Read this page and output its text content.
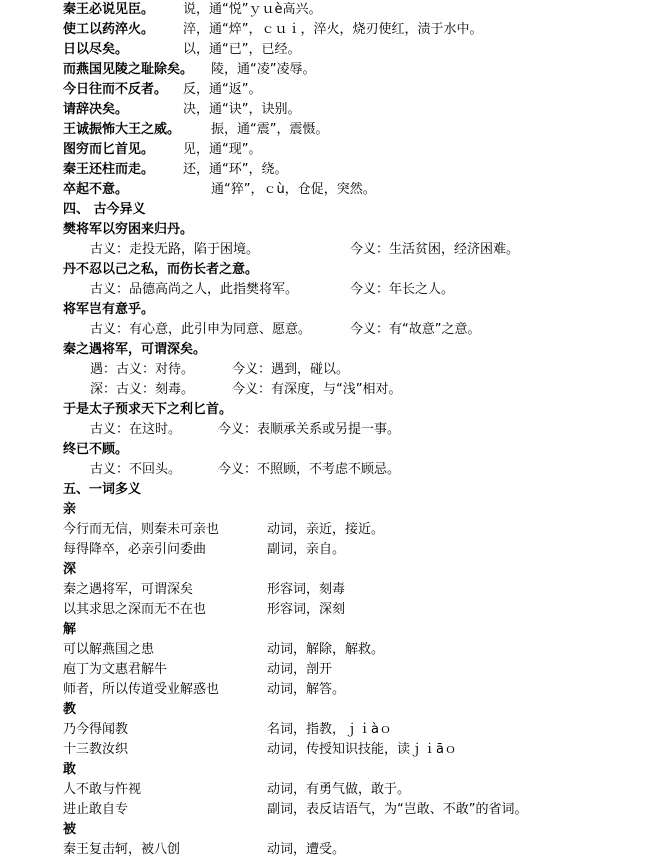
秦王必说见臣。 说，通“悦”ｙｕè高兴。
使工以药淬火。 淬，通“焠”，ｃｕｉ，淬火，烧刃使红，渍于水中。
日以尽矣。	以，通“已”，已经。
而燕国见陵之耻除矣。 陵，通“凌”凌辱。
今日往而不反者。 反，通“返”。
请辞决矣。	决，通“诀”，诀别。
王诚振怖大王之威。 振，通“震”，震慑。
图穷而匕首见。 见，通“现”。
秦王还柱而走。 还，通“环”，绕。
卒起不意。	通“猝”，ｃù，仓促，突然。
四、 古今异义
樊将军以穷困来归丹。
古义：走投无路，陷于困境。	今义：生活贫困，经济困难。
丹不忍以己之私，而伤长者之意。
古义：品德高尚之人，此指樊将军。	今义：年长之人。
将军岂有意乎。
古义：有心意，此引申为同意、愿意。	今义：有“故意”之意。
秦之遇将军，可谓深矣。
遇：古义：对待。	今义：遇到，碰以。
深：古义：刻毒。	今义：有深度，与“浅”相对。
于是太子预求天下之利匕首。
古义：在这时。	今义：表顺承关系或另提一事。
终已不顾。
古义：不回头。	今义：不照顾，不考虑不顾忌。
五、一词多义
亲
今行而无信，则秦未可亲也	动词，亲近，接近。
每得降卒，必亲引问委曲	副词，亲自。
深
秦之遇将军，可谓深矣	形容词，刻毒
以其求思之深而无不在也	形容词，深刻
解
可以解燕国之患	动词，解除，解救。
庖丁为文惠君解牛	动词，剖开
师者，所以传道受业解惑也	动词，解答。
教
乃今得闻教	名词，指教，ｊｉàｏ
十三教汝织	动词，传授知识技能，读ｊｉāｏ
敢
人不敢与忤视	动词，有勇气做，敢于。
进止敢自专	副词，表反诘语气，为“岂敢、不敢”的省词。
被
秦王复击轲，被八创	动词，遭受。
